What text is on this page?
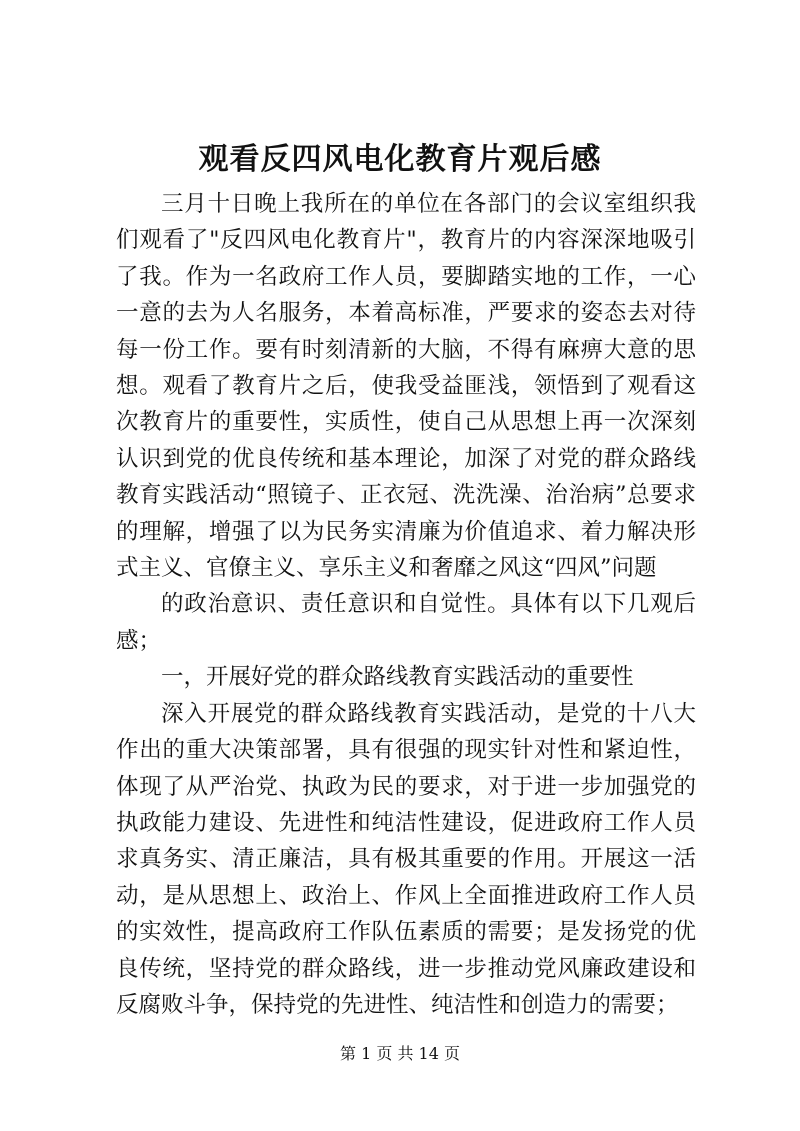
观看反四风电化教育片观后感

三月十日晚上我所在的单位在各部门的会议室组织我们观看了"反四风电化教育片"，教育片的内容深深地吸引了我。作为一名政府工作人员，要脚踏实地的工作，一心一意的去为人名服务，本着高标准，严要求的姿态去对待每一份工作。要有时刻清新的大脑，不得有麻痹大意的思想。观看了教育片之后，使我受益匪浅，领悟到了观看这次教育片的重要性，实质性，使自己从思想上再一次深刻认识到党的优良传统和基本理论，加深了对党的群众路线教育实践活动“照镜子、正衣冠、洗洗澡、治治病”总要求的理解，增强了以为民务实清廉为价值追求、着力解决形式主义、官僚主义、享乐主义和奢靡之风这“四风”问题

的政治意识、责任意识和自觉性。具体有以下几观后感；

一，开展好党的群众路线教育实践活动的重要性

深入开展党的群众路线教育实践活动，是党的十八大作出的重大决策部署，具有很强的现实针对性和紧迫性，体现了从严治党、执政为民的要求，对于进一步加强党的执政能力建设、先进性和纯洁性建设，促进政府工作人员求真务实、清正廉洁，具有极其重要的作用。开展这一活动，是从思想上、政治上、作风上全面推进政府工作人员的实效性，提高政府工作队伍素质的需要；是发扬党的优良传统，坚持党的群众路线，进一步推动党风廉政建设和反腐败斗争，保持党的先进性、纯洁性和创造力的需要；

第 1 页 共 14 页
